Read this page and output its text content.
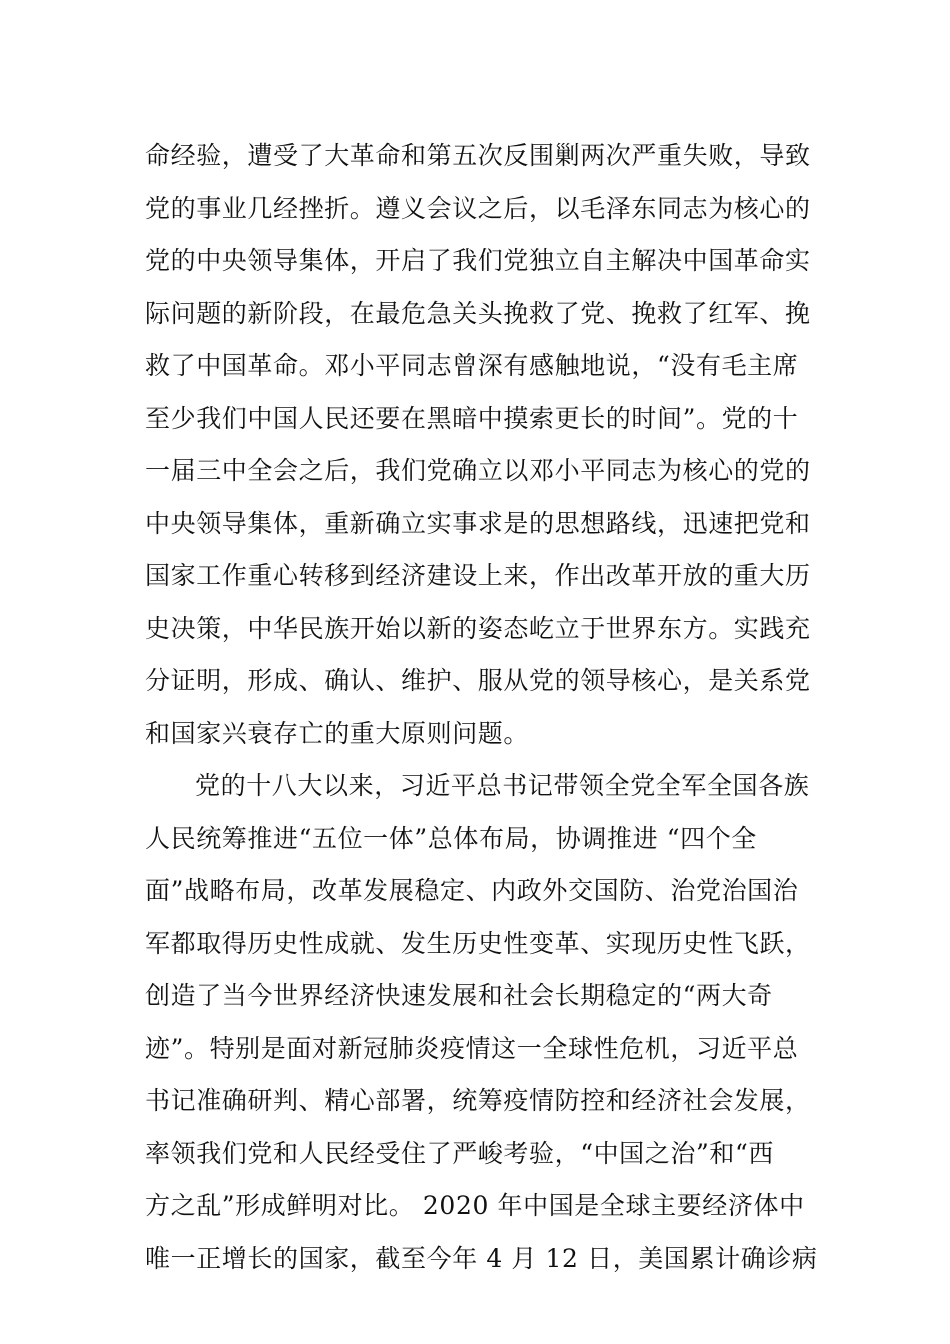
命经验，遭受了大革命和第五次反围剿两次严重失败，导致
党的事业几经挫折。遵义会议之后，以毛泽东同志为核心的
党的中央领导集体，开启了我们党独立自主解决中国革命实
际问题的新阶段，在最危急关头挽救了党、挽救了红军、挽
救了中国革命。邓小平同志曾深有感触地说，“没有毛主席
至少我们中国人民还要在黑暗中摸索更长的时间”。党的十
一届三中全会之后，我们党确立以邓小平同志为核心的党的
中央领导集体，重新确立实事求是的思想路线，迅速把党和
国家工作重心转移到经济建设上来，作出改革开放的重大历
史决策，中华民族开始以新的姿态屹立于世界东方。实践充
分证明，形成、确认、维护、服从党的领导核心，是关系党
和国家兴衰存亡的重大原则问题。
党的十八大以来，习近平总书记带领全党全军全国各族
人民统筹推进“五位一体”总体布局，协调推进 “四个全
面”战略布局，改革发展稳定、内政外交国防、治党治国治
军都取得历史性成就、发生历史性变革、实现历史性飞跃，
创造了当今世界经济快速发展和社会长期稳定的“两大奇
迹”。特别是面对新冠肺炎疫情这一全球性危机，习近平总
书记准确研判、精心部署，统筹疫情防控和经济社会发展，
率领我们党和人民经受住了严峻考验，“中国之治”和“西
方之乱”形成鲜明对比。 2020 年中国是全球主要经济体中
唯一正增长的国家，截至今年 4 月 12 日，美国累计确诊病
